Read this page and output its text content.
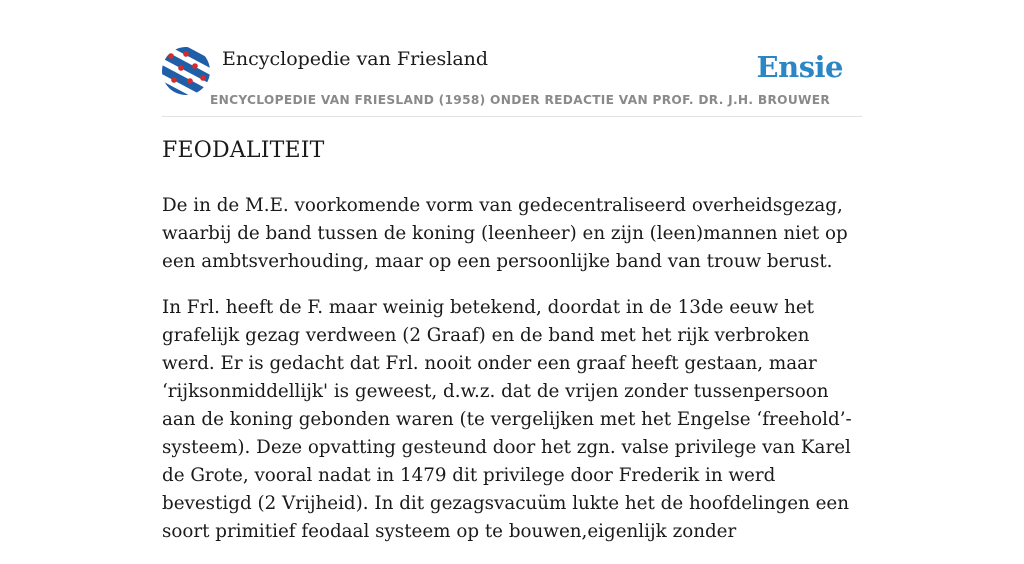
Encyclopedie van Friesland
ENCYCLOPEDIE VAN FRIESLAND (1958) ONDER REDACTIE VAN PROF. DR. J.H. BROUWER
Ensie
FEODALITEIT

De in de M.E. voorkomende vorm van gedecentraliseerd overheidsgezag, waarbij de band tussen de koning (leenheer) en zijn (leen)mannen niet op een ambtsverhouding, maar op een persoonlijke band van trouw berust.

In Frl. heeft de F. maar weinig betekend, doordat in de 13de eeuw het grafelijk gezag verdween (2 Graaf) en de band met het rijk verbroken werd. Er is gedacht dat Frl. nooit onder een graaf heeft gestaan, maar ‘rijksonmiddellijk' is geweest, d.w.z. dat de vrijen zonder tussenpersoon aan de koning gebonden waren (te vergelijken met het Engelse ‘freehold’-systeem). Deze opvatting gesteund door het zgn. valse privilege van Karel de Grote, vooral nadat in 1479 dit privilege door Frederik in werd bevestigd (2 Vrijheid). In dit gezagsvacuüm lukte het de hoofdelingen een soort primitief feodaal systeem op te bouwen,eigenlijk zonder
